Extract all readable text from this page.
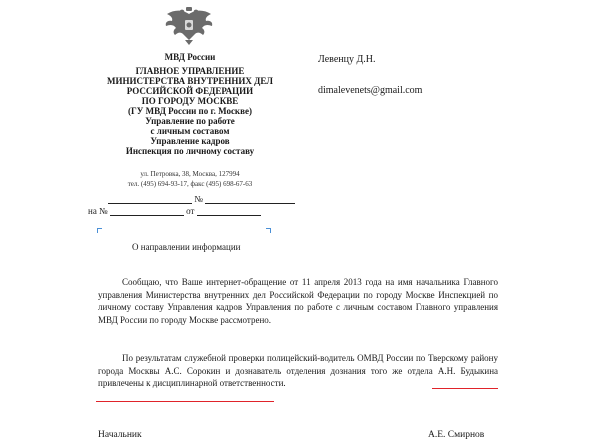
МВД России
ГЛАВНОЕ УПРАВЛЕНИЕ
МИНИСТЕРСТВА ВНУТРЕННИХ ДЕЛ
РОССИЙСКОЙ ФЕДЕРАЦИИ
ПО ГОРОДУ МОСКВЕ
(ГУ МВД России по г. Москве)
Управление по работе
с личным составом
Управление кадров
Инспекция по личному составу
ул. Петровка, 38, Москва, 127994
тел. (495) 694-93-17, факс (495) 698-67-63
№
на №	от
О направлении информации
Левенцу Д.Н.
dimalevenets@gmail.com
Сообщаю, что Ваше интернет-обращение от 11 апреля 2013 года на имя начальника Главного управления Министерства внутренних дел Российской Федерации по городу Москве Инспекцией по личному составу Управления кадров Управления по работе с личным составом Главного управления МВД России по городу Москве рассмотрено.
По результатам служебной проверки полицейский-водитель ОМВД России по Тверскому району города Москвы А.С. Сорокин и дознаватель отделения дознания того же отдела А.Н. Будыкина привлечены к дисциплинарной ответственности.
Начальник	А.Е. Смирнов
